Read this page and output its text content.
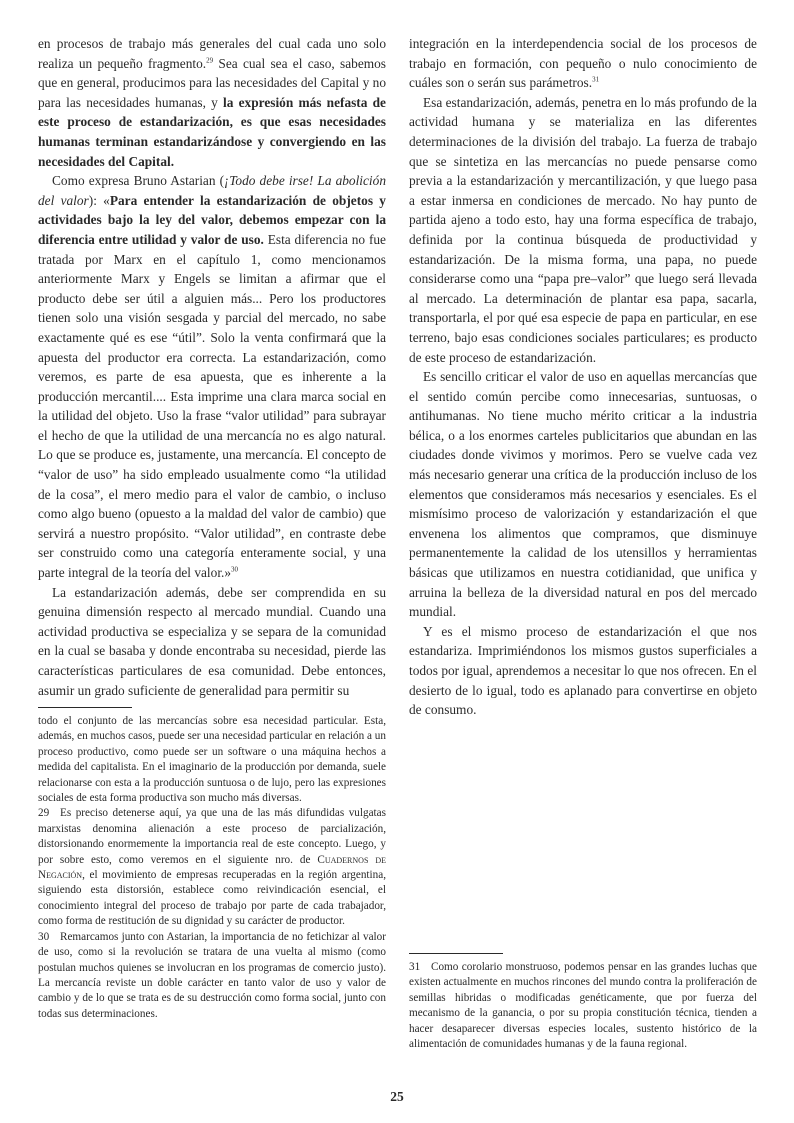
en procesos de trabajo más generales del cual cada uno solo realiza un pequeño fragmento.$^{29}$ Sea cual sea el caso, sabemos que en general, producimos para las necesidades del Capital y no para las necesidades humanas, y la expresión más nefasta de este proceso de estandarización, es que esas necesidades humanas terminan estandarizándose y convergiendo en las necesidades del Capital.

Como expresa Bruno Astarian (¡Todo debe irse! La abolición del valor): «Para entender la estandarización de objetos y actividades bajo la ley del valor, debemos empezar con la diferencia entre utilidad y valor de uso. Esta diferencia no fue tratada por Marx en el capítulo 1, como mencionamos anteriormente Marx y Engels se limitan a afirmar que el producto debe ser útil a alguien más... Pero los productores tienen solo una visión sesgada y parcial del mercado, no sabe exactamente qué es ese “útil”. Solo la venta confirmará que la apuesta del productor era correcta. La estandarización, como veremos, es parte de esa apuesta, que es inherente a la producción mercantil.... Esta imprime una clara marca social en la utilidad del objeto. Uso la frase “valor utilidad” para subrayar el hecho de que la utilidad de una mercancía no es algo natural. Lo que se produce es, justamente, una mercancía. El concepto de “valor de uso” ha sido empleado usualmente como “la utilidad de la cosa”, el mero medio para el valor de cambio, o incluso como algo bueno (opuesto a la maldad del valor de cambio) que servirá a nuestro propósito. “Valor utilidad”, en contraste debe ser construido como una categoría enteramente social, y una parte integral de la teoría del valor.»$^{30}$

La estandarización además, debe ser comprendida en su genuina dimensión respecto al mercado mundial. Cuando una actividad productiva se especializa y se separa de la comunidad en la cual se basaba y donde encontraba su necesidad, pierde las características particulares de esa comunidad. Debe entonces, asumir un grado suficiente de generalidad para permitir su

integración en la interdependencia social de los procesos de trabajo en formación, con pequeño o nulo conocimiento de cuáles son o serán sus parámetros.$^{31}$

Esa estandarización, además, penetra en lo más profundo de la actividad humana y se materializa en las diferentes determinaciones de la división del trabajo. La fuerza de trabajo que se sintetiza en las mercancías no puede pensarse como previa a la estandarización y mercantilización, y que luego pasa a estar inmersa en condiciones de mercado. No hay punto de partida ajeno a todo esto, hay una forma específica de trabajo, definida por la continua búsqueda de productividad y estandarización. De la misma forma, una papa, no puede considerarse como una “papa pre–valor” que luego será llevada al mercado. La determinación de plantar esa papa, sacarla, transportarla, el por qué esa especie de papa en particular, en ese terreno, bajo esas condiciones sociales particulares; es producto de este proceso de estandarización.

Es sencillo criticar el valor de uso en aquellas mercancías que el sentido común percibe como innecesarias, suntuosas, o antihumanas. No tiene mucho mérito criticar a la industria bélica, o a los enormes carteles publicitarios que abundan en las ciudades donde vivimos y morimos. Pero se vuelve cada vez más necesario generar una crítica de la producción incluso de los elementos que consideramos más necesarios y esenciales. Es el mismísimo proceso de valorización y estandarización el que envenena los alimentos que compramos, que disminuye permanentemente la calidad de los utensillos y herramientas básicas que utilizamos en nuestra cotidianidad, que unifica y arruina la belleza de la diversidad natural en pos del mercado mundial.

Y es el mismo proceso de estandarización el que nos estandariza. Imprimiéndonos los mismos gustos superficiales a todos por igual, aprendemos a necesitar lo que nos ofrecen. En el desierto de lo igual, todo es aplanado para convertirse en objeto de consumo.

todo el conjunto de las mercancías sobre esa necesidad particular. Esta, además, en muchos casos, puede ser una necesidad particular en relación a un proceso productivo, como puede ser un software o una máquina hechos a medida del capitalista. En el imaginario de la producción por demanda, suele relacionarse con esta a la producción suntuosa o de lujo, pero las expresiones sociales de esta forma productiva son mucho más diversas.

29 Es preciso detenerse aquí, ya que una de las más difundidas vulgatas marxistas denomina alienación a este proceso de parcialización, distorsionando enormemente la importancia real de este concepto. Luego, y por sobre esto, como veremos en el siguiente nro. de Cuadernos de Negación, el movimiento de empresas recuperadas en la región argentina, siguiendo esta distorsión, establece como reivindicación esencial, el conocimiento integral del proceso de trabajo por parte de cada trabajador, como forma de restitución de su dignidad y su carácter de productor.

30 Remarcamos junto con Astarian, la importancia de no fetichizar al valor de uso, como si la revolución se tratara de una vuelta al mismo (como postulan muchos quienes se involucran en los programas de comercio justo). La mercancía reviste un doble carácter en tanto valor de uso y valor de cambio y de lo que se trata es de su destrucción como forma social, junto con todas sus determinaciones.

31 Como corolario monstruoso, podemos pensar en las grandes luchas que existen actualmente en muchos rincones del mundo contra la proliferación de semillas hibridas o modificadas genéticamente, que por fuerza del mecanismo de la ganancia, o por su propia constitución técnica, tienden a hacer desaparecer diversas especies locales, sustento histórico de la alimentación de comunidades humanas y de la fauna regional.

25
